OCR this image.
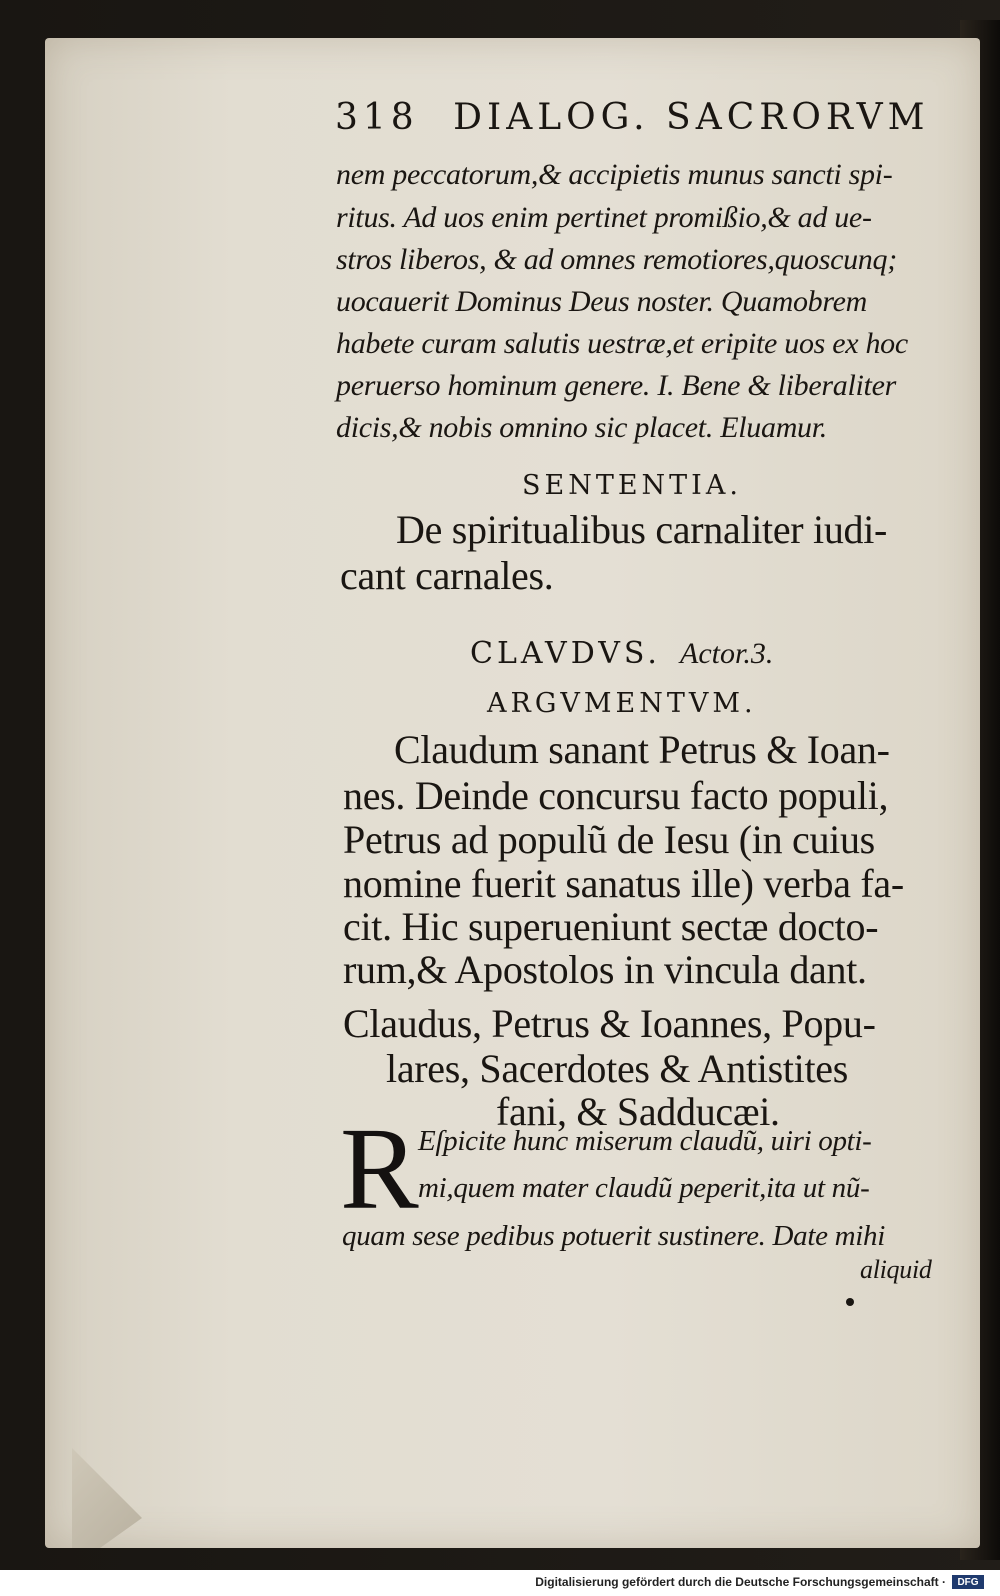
318 DIALOG. SACRORVM
nem peccatorum,& accipietis munus sancti spi-
ritus. Ad uos enim pertinet promißio,& ad ue-
stros liberos, & ad omnes remotiores,quoscunq;
uocauerit Dominus Deus noster. Quamobrem
habete curam salutis uestræ,et eripite uos ex hoc
peruerso hominum genere. I. Bene & liberaliter
dicis,& nobis omnino sic placet. Eluamur.
SENTENTIA.
De spiritualibus carnaliter iudi-
cant carnales.
CLAVDVS. Actor.3.
ARGVMENTVM.
Claudum sanant Petrus & Ioan-
nes. Deinde concursu facto populi,
Petrus ad populũ de Iesu (in cuius
nomine fuerit sanatus ille) verba fa-
cit. Hic superueniunt sectæ docto-
rum,& Apostolos in vincula dant.
Claudus, Petrus & Ioannes, Popu-
lares, Sacerdotes & Antistites
fani, & Sadducæi.
R Eſpicite hunc miserum claudũ, uiri opti-
mi,quem mater claudũ peperit,ita ut nũ-
quam sese pedibus potuerit sustinere. Date mihi
aliquid
Digitalisierung gefördert durch die Deutsche Forschungsgemeinschaft ·	DFG
